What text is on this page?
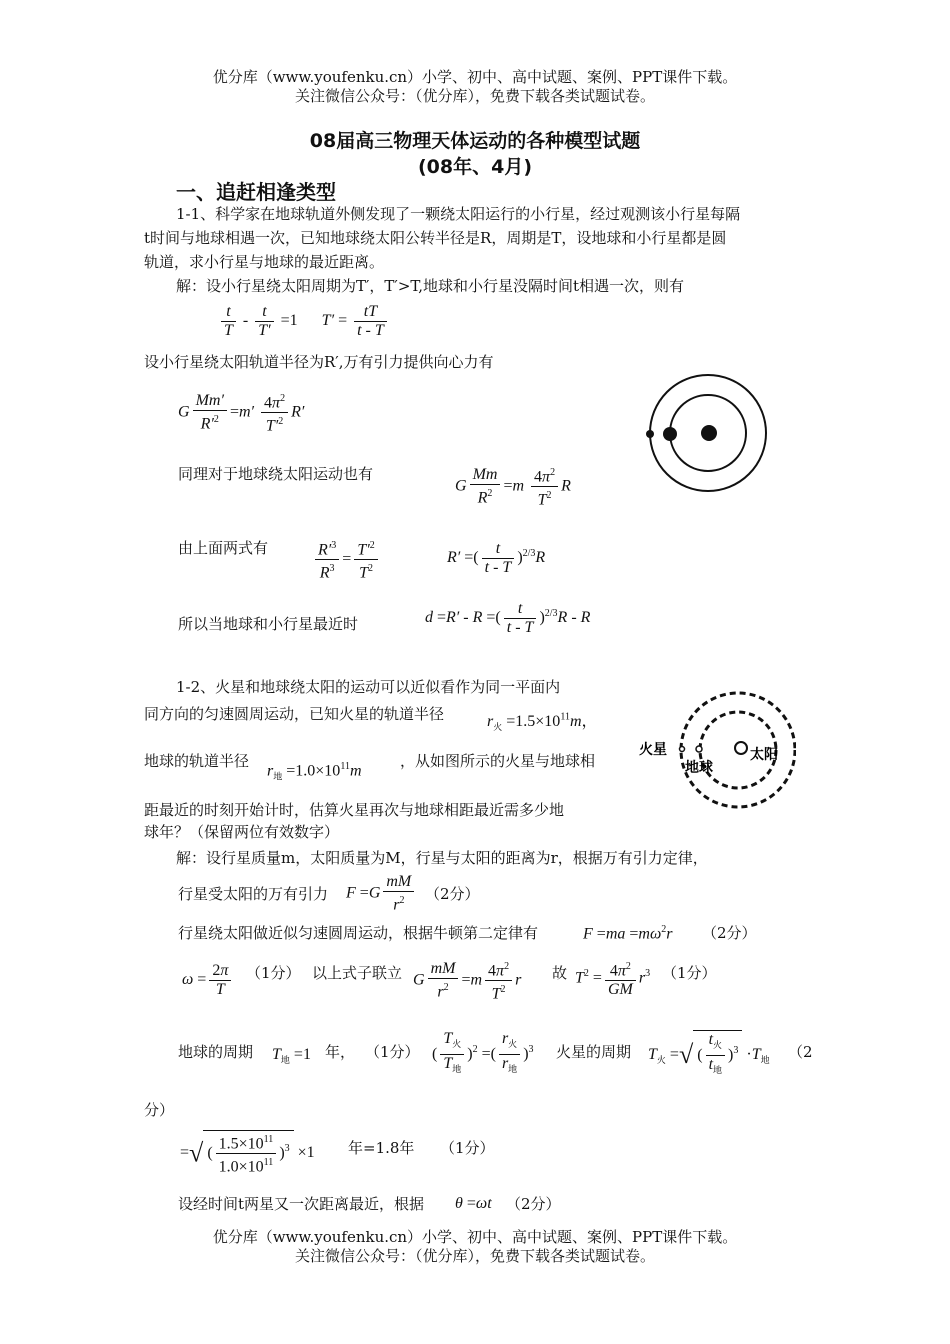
优分库（www.youfenku.cn）小学、初中、高中试题、案例、PPT课件下载。
关注微信公众号：（优分库），免费下载各类试题试卷。
08届高三物理天体运动的各种模型试题
(08年、4月)
一、追赶相逢类型
1-1、科学家在地球轨道外侧发现了一颗绕太阳运行的小行星，经过观测该小行星每隔
t时间与地球相遇一次，已知地球绕太阳公转半径是R，周期是T，设地球和小行星都是圆
轨道，求小行星与地球的最近距离。
解：设小行星绕太阳周期为T′，T′>T,地球和小行星没隔时间t相遇一次，则有
$\frac{t}{T} - \frac{t}{T'} =1$      $T' = \frac{tT}{t - T}$
设小行星绕太阳轨道半径为R′,万有引力提供向心力有
G $\frac{Mm'}{R'^2} =m' \frac{4\pi^2}{T'^2} R'$
同理对于地球绕太阳运动也有
G $\frac{Mm}{R^2} =m \frac{4\pi^2}{T^2}$ R
由上面两式有	$\frac{R'^3}{R^3} = \frac{T'^2}{T^2}$	R′ =( $\frac{t}{t - T} )^{2/3}R$
所以当地球和小行星最近时	d =R′ - R =( $\frac{t}{t - T} )^{2/3}R$ - R
1-2、火星和地球绕太阳的运动可以近似看作为同一平面内
同方向的匀速圆周运动，已知火星的轨道半径	$r_火 =1.5\times 10^{11}m$，
地球的轨道半径
$r_地 =1.0\times 10^{11}m$
，从如图所示的火星与地球相
距最近的时刻开始计时，估算火星再次与地球相距最近需多少地
球年？（保留两位有效数字）
火星
地球
太阳
解：设行星质量m，太阳质量为M，行星与太阳的距离为r，根据万有引力定律，
行星受太阳的万有引力 $F =G \frac{mM}{r^2} (2$分）
行星绕太阳做近似匀速圆周运动，根据牛顿第二定律有	$F =ma =m\omega^2r$ （2分）
$\omega = \frac{2\pi}{T} (1$分） 以上式子联立 G $\frac{mM}{r^2} =m \frac{4\pi^2}{T^2}$ r 故 $T^2 = \frac{4\pi^2}{GM} r^3$ （1分）
地球的周期 $T_地 =1$ 年， （1分） ( $\frac{T_火}{T_地} )^2$ =( $\frac{r_火}{r_地} )^3$ 火星的周期 $T_火$ =√ ( $\frac{t_火}{t_地} )^3 \cdot T_地$
（2
分）
=√ ( $\frac{1.5\times 10^{11}}{1.0\times 10^{11}} )^3 \times 1$ 年=1.8年 （1分）
设经时间t两星又一次距离最近，根据 θ =ωt （2分）
优分库（www.youfenku.cn）小学、初中、高中试题、案例、PPT课件下载。
关注微信公众号：（优分库），免费下载各类试题试卷。
